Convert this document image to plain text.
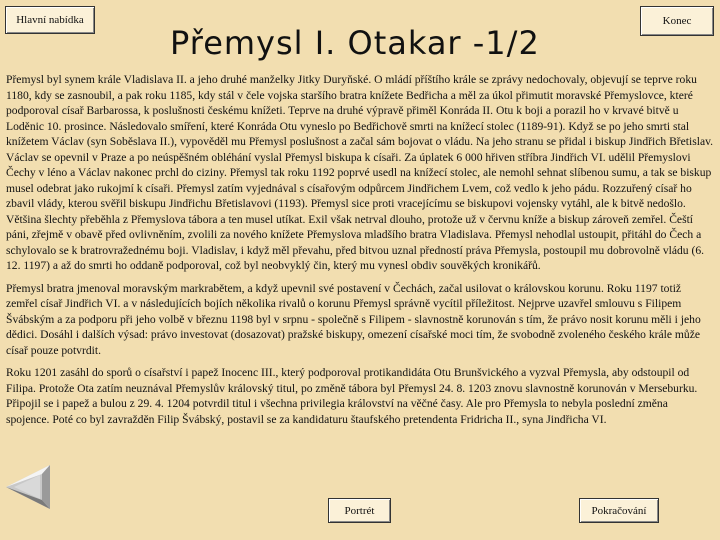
Hlavní nabídka
Přemysl I. Otakar -1/2
Konec

Přemysl byl synem krále Vladislava II. a jeho druhé manželky Jitky Duryňské. O mládí příštího krále se zprávy nedochovaly, objevují se teprve roku 1180, kdy se zasnoubil, a pak roku 1185, kdy stál v čele vojska staršího bratra knížete Bedřicha a měl za úkol přimutit moravské Přemyslovce, které podporoval císař Barbarossa, k poslušnosti českému knížeti. Teprve na druhé výpravě přiměl Konráda II. Otu k boji a porazil ho v krvavé bitvě u Loděnic 10. prosince. Následovalo smíření, které Konráda Otu vyneslo po Bedřichově smrti na knížecí stolec (1189-91). Když se po jeho smrti stal knížetem Václav (syn Soběslava II.), vypověděl mu Přemysl poslušnost a začal sám bojovat o vládu. Na jeho stranu se přidal i biskup Jindřich Břetislav. Václav se opevnil v Praze a po neúspěšném obléhání vyslal Přemysl biskupa k císaři. Za úplatek 6 000 hřiven stříbra Jindřich VI. udělil Přemyslovi Čechy v léno a Václav nakonec prchl do ciziny. Přemysl tak roku 1192 poprvé usedl na knížecí stolec, ale nemohl sehnat slíbenou sumu, a tak se biskup musel odebrat jako rukojmí k císaři. Přemysl zatím vyjednával s císařovým odpůrcem Jindřichem Lvem, což vedlo k jeho pádu. Rozzuřený císař ho zbavil vlády, kterou svěřil biskupu Jindřichu Břetislavovi (1193). Přemysl sice proti vracejícímu se biskupovi vojensky vytáhl, ale k bitvě nedošlo. Většina šlechty přeběhla z Přemyslova tábora a ten musel utíkat. Exil však netrval dlouho, protože už v červnu kníže a biskup zároveň zemřel. Čeští páni, zřejmě v obavě před ovlivněním, zvolili za nového knížete Přemyslova mladšího bratra Vladislava. Přemysl nehodlal ustoupit, přitáhl do Čech a schylovalo se k bratrovražednému boji. Vladislav, i když měl převahu, před bitvou uznal předností práva Přemysla, postoupil mu dobrovolně vládu (6. 12. 1197) a až do smrti ho oddaně podporoval, což byl neobvyklý čin, který mu vynesl obdiv souvěkých kronikářů.

Přemysl bratra jmenoval moravským markrabětem, a když upevnil své postavení v Čechách, začal usilovat o královskou korunu. Roku 1197 totiž zemřel císař Jindřich VI. a v následujících bojích několika rivalů o korunu Přemysl správně vycítil příležitost. Nejprve uzavřel smlouvu s Filipem Švábským a za podporu při jeho volbě v březnu 1198 byl v srpnu - společně s Filipem - slavnostně korunován s tím, že právo nosit korunu měli i jeho dědici. Dosáhl i dalších výsad: právo investovat (dosazovat) pražské biskupy, omezení císařské moci tím, že svobodně zvoleného českého krále může císař pouze potvrdit.

Roku 1201 zasáhl do sporů o císařství i papež Inocenc III., který podporoval protikandidáta Otu Brunšvického a vyzval Přemysla, aby odstoupil od Filipa. Protože Ota zatím neuznával Přemyslův královský titul, po změně tábora byl Přemysl 24. 8. 1203 znovu slavnostně korunován v Merseburku. Připojil se i papež a bulou z 29. 4. 1204 potvrdil titul i všechna privilegia království na věčné časy. Ale pro Přemysla to nebyla poslední změna spojence. Poté co byl zavražděn Filip Švábský, postavil se za kandidaturu štaufského pretendenta Fridricha II., syna Jindřicha VI.

Portrét	Pokračování
